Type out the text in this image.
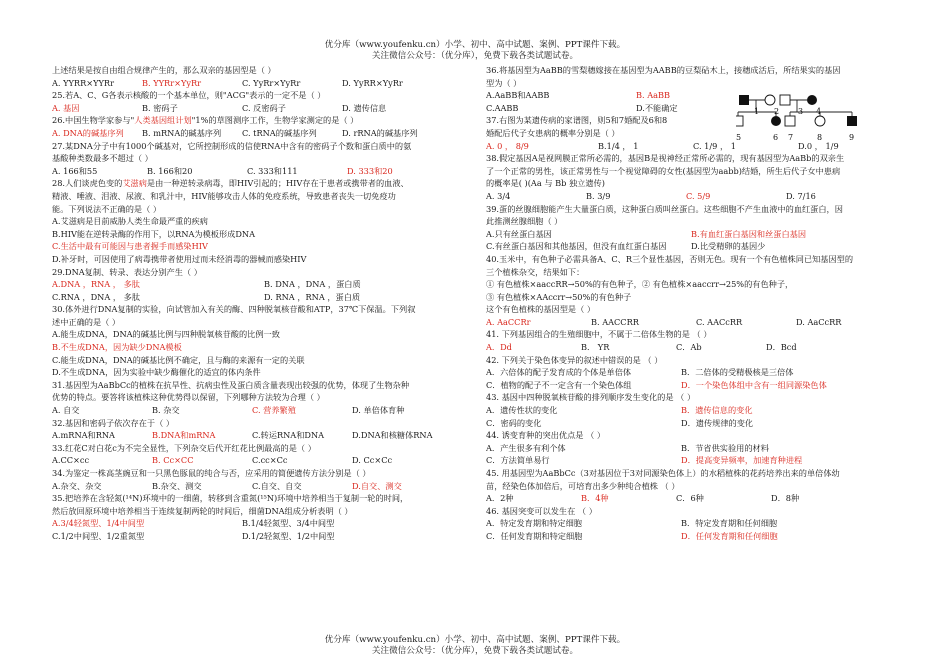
优分库（www.youfenku.cn）小学、初中、高中试题、案例、PPT课件下载。
关注微信公众号：（优分库），免费下载各类试题试卷。
上述结果是按自由组合规律产生的，那么双亲的基因型是（ ）
A. YYRR×YYRr	B. YYRr×YyRr	C. YyRr×YyRr	D. YyRR×YyRr
25.若A、C、G各表示核酸的一个基本单位，则"ACG"表示的一定不是（ ）
A. 基因	B. 密码子	C. 反密码子	D. 遗传信息
26.中国生物学家参与"人类基因组计划"1%的草图测序工作，生物学家测定的是（ ）
A. DNA的碱基序列	B. mRNA的碱基序列	C. tRNA的碱基序列	D. rRNA的碱基序列
27.某DNA分子中有1000个碱基对，它所控制形成的信使RNA中含有的密码子个数和蛋白质中的氨
基酸种类数最多不超过（ ）
A. 166和55	B. 166和20	C. 333和111	D. 333和20
28.人们谈虎色变的艾滋病是由一种逆转录病毒，即HIV引起的；HIV存在于患者或携带者的血液、
精液、唾液、泪液、尿液、和乳汁中，HIV能够攻击人体的免疫系统，导致患者丧失一切免疫功
能。下列说法不正确的是（ ）
A.艾滋病是目前威胁人类生命最严重的疾病
B.HIV能在逆转录酶的作用下，以RNA为模板形成DNA
C.生活中最有可能因与患者握手而感染HIV
D.补牙时，可因使用了病毒携带者使用过而未经消毒的器械而感染HIV
29.DNA复制、转录、表达分别产生（ ）
A.DNA ，RNA ， 多肽	B. DNA ，DNA ，蛋白质
C.RNA ，DNA ， 多肽	D. RNA ，RNA ，蛋白质
30.体外进行DNA复制的实验，向试管加入有关的酶、四种脱氧核苷酸和ATP，37℃下保温。下列叙
述中正确的是（ ）
A.能生成DNA，DNA的碱基比例与四种脱氧核苷酸的比例一致
B.不生成DNA，因为缺少DNA模板
C.能生成DNA，DNA的碱基比例不确定，且与酶的来源有一定的关联
D.不生成DNA，因为实验中缺少酶催化的适宜的体内条件
31.基因型为AaBbCc的植株在抗旱性、抗病虫性及蛋白质含量表现出较强的优势，体现了生物杂种
优势的特点。要答将该植株这种优势得以保留，下列哪种方法较为合理（ ）
A. 自交	B. 杂交	C. 营养繁殖	D. 单倍体育种
32.基因和密码子依次存在于（ ）
A.mRNA和RNA	B.DNA和mRNA	C.转运RNA和DNA	D.DNA和核糖体RNA
33.红花C对白花c为不完全显性，下列杂交后代开红花比例最高的是（ ）
A.CC×cc	B. Cc×CC	C.cc×Cc	D. Cc×Cc
34.为鉴定一株高茎豌豆和一只黑色豚鼠的纯合与否，应采用的简便遗传方法分别是（ ）
A.杂交、杂交	B.杂交、测交	C.自交、自交	D.自交、测交
35.把培养在含轻氮(¹⁴N)环境中的一细菌，转移到含重氮(¹⁵N)环境中培养相当于复制一轮的时间，
然后放回原环境中培养相当于连续复制两轮的时间后，细菌DNA组成分析表明（ ）
A.3/4轻氮型、1/4中间型	B.1/4轻氮型、3/4中间型
C.1/2中间型、1/2重氮型	D.1/2轻氮型、1/2中间型
36.将基因型为AaBB的雪梨穗嫁接在基因型为AABB的豆梨砧木上，接穗成活后，所结果实的基因
型为（ ）
A.AaBB和AABB	B. AaBB
C.AABB	D.不能确定
37.右图为某遗传病的家谱图，则5和7婚配及6和8
婚配后代子女患病的概率分别是（ ）
A. 0 ， 8/9	B.1/4 ， 1	C. 1/9 ， 1	D.0 ， 1/9
38.假定基因A是视网膜正常所必需的，基因B是视神经正常所必需的，现有基因型为AaBb的双亲生
了一个正常的男性，该正常男性与一个视觉障碍的女性(基因型为aabb)结婚，所生后代子女中患病
的概率是( )(Aa 与 Bb 独立遗传)
A. 3/4	B. 3/9	C. 5/9	D. 7/16
39.蛋的丝腺细胞能产生大量蛋白质，这种蛋白质叫丝蛋白。这些细胞不产生血液中的血红蛋白，因
此推测丝腺细胞（ ）
A.只有丝蛋白基因	B.有血红蛋白基因和丝蛋白基因
C.有丝蛋白基因和其他基因，但没有血红蛋白基因	D.比受精卵的基因少
40.玉米中，有色种子必需具备A、C、R三个显性基因，否则无色。现有一个有色植株同已知基因型的
三个植株杂交，结果如下：
① 有色植株×aaccRR→50%的有色种子，② 有色植株×aaccrr→25%的有色种子，
③ 有色植株×AAccrr→50%的有色种子
这个有色植株的基因型是（ ）
A. AaCCRr	B. AACCRR	C. AACcRR	D. AaCcRR
41. 下列基因组合的生殖细胞中，不属于二倍体生物的是 （ ）
A．Dd	B． YR	C．Ab	D．Bcd
42. 下列关于染色体变异的叙述中错误的是 （ ）
A．六倍体的配子发育成的个体是单倍体	B．二倍体的受精极核是三倍体
C．植物的配子不一定含有一个染色体组	D．一个染色体组中含有一组同源染色体
43. 基因中四种脱氧核苷酸的排列顺序发生变化的是 （ ）
A．遗传性状的变化	B．遗传信息的变化
C．密码的变化	D．遗传规律的变化
44. 诱变育种的突出优点是 （ ）
A．产生很多有利个体	B．节省供实验用的材料
C．方法简单易行	D．提高变异频率，加速育种进程
45. 用基因型为AaBbCc（3对基因位于3对同源染色体上）的水稻植株的花药培养出来的单倍体幼
苗，经染色体加倍后，可培育出多少种纯合植株 （ ）
A．2种	B．4种	C．6种	D．8种
46. 基因突变可以发生在 （ ）
A．特定发育期和特定细胞	B．特定发育期和任何细胞
C．任何发育期和特定细胞	D．任何发育期和任何细胞
1 2 3 4
5	6 7	8	9
优分库（www.youfenku.cn）小学、初中、高中试题、案例、PPT课件下载。
关注微信公众号：（优分库），免费下载各类试题试卷。
